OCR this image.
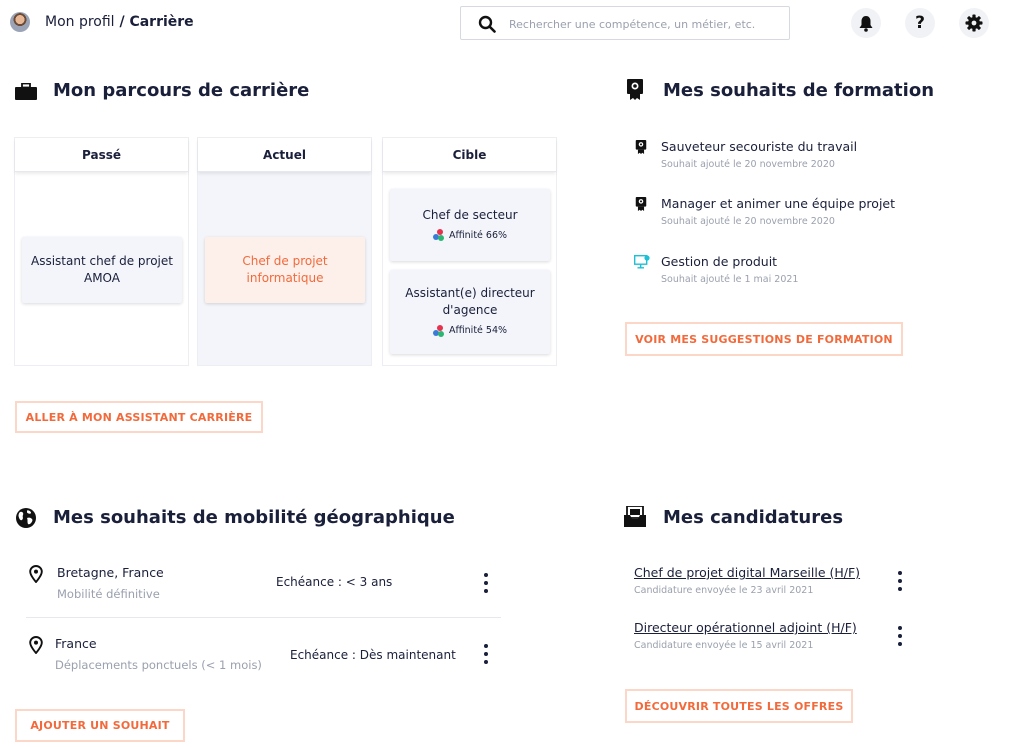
Mon profil / Carrière
Rechercher une compétence, un métier, etc.	?
Mon parcours de carrière
Passé
Assistant chef de projet
AMOA
Actuel
Chef de projet
informatique
Cible
Chef de secteur
Affinité 66%
Assistant(e) directeur
d'agence
Affinité 54%
ALLER À MON ASSISTANT CARRIÈRE
Mes souhaits de formation
Sauveteur secouriste du travail
Souhait ajouté le 20 novembre 2020
Manager et animer une équipe projet
Souhait ajouté le 20 novembre 2020
Gestion de produit
Souhait ajouté le 1 mai 2021
VOIR MES SUGGESTIONS DE FORMATION
Mes souhaits de mobilité géographique
Bretagne, France
Mobilité définitive
Echéance : < 3 ans
France
Déplacements ponctuels (< 1 mois)
Echéance : Dès maintenant
AJOUTER UN SOUHAIT
Mes candidatures
Chef de projet digital Marseille (H/F)
Candidature envoyée le 23 avril 2021
Directeur opérationnel adjoint (H/F)
Candidature envoyée le 15 avril 2021
DÉCOUVRIR TOUTES LES OFFRES
